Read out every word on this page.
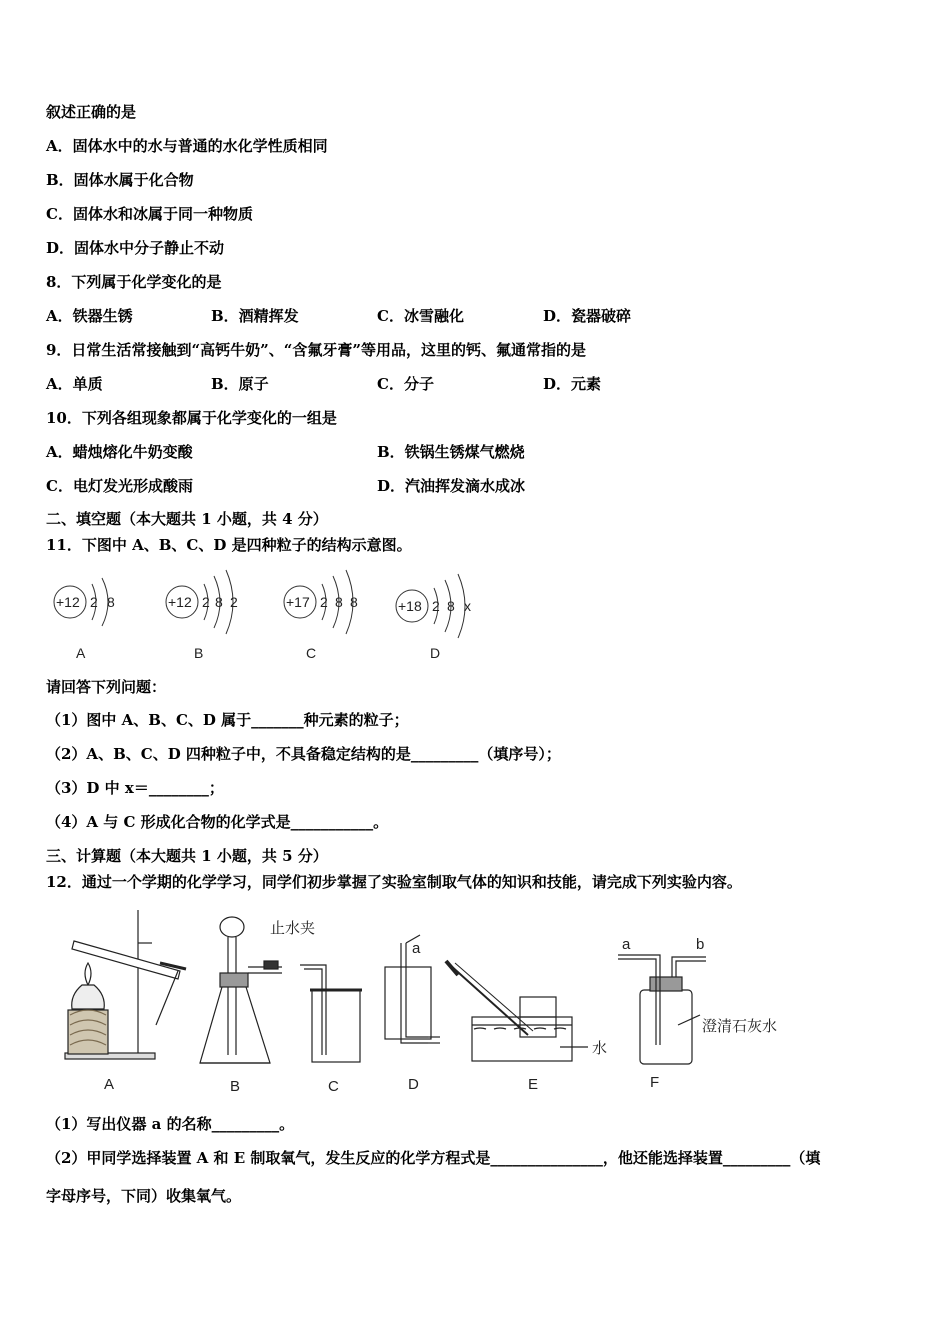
叙述正确的是
A．固体水中的水与普通的水化学性质相同
B．固体水属于化合物
C．固体水和冰属于同一种物质
D．固体水中分子静止不动
8．下列属于化学变化的是
A．铁器生锈	B．酒精挥发	C．冰雪融化	D．瓷器破碎
9．日常生活常接触到“高钙牛奶”、“含氟牙膏”等用品，这里的钙、氟通常指的是
A．单质	B．原子	C．分子	D．元素
10．下列各组现象都属于化学变化的一组是
A．蜡烛熔化牛奶变酸	B．铁锅生锈煤气燃烧
C．电灯发光形成酸雨	D．汽油挥发滴水成冰
二、填空题（本大题共 1 小题，共 4 分）
11．下图中 A、B、C、D 是四种粒子的结构示意图。
+12 2 8	+12 2 8 2	+17 2 8 8	+18 2 8 x
A	B	C	D
请回答下列问题：
（1）图中 A、B、C、D 属于_______种元素的粒子；
（2）A、B、C、D 四种粒子中，不具备稳定结构的是_________（填序号）；
（3）D 中 x＝________；
（4）A 与 C 形成化合物的化学式是___________。
三、计算题（本大题共 1 小题，共 5 分）
12．通过一个学期的化学学习，同学们初步掌握了实验室制取气体的知识和技能，请完成下列实验内容。
止水夹
a
水
a	b
澄清石灰水
A	B	C	D	E	F
（1）写出仪器 a 的名称_________。
（2）甲同学选择装置 A 和 E 制取氧气，发生反应的化学方程式是_______________，他还能选择装置_________（填
字母序号，下同）收集氧气。
